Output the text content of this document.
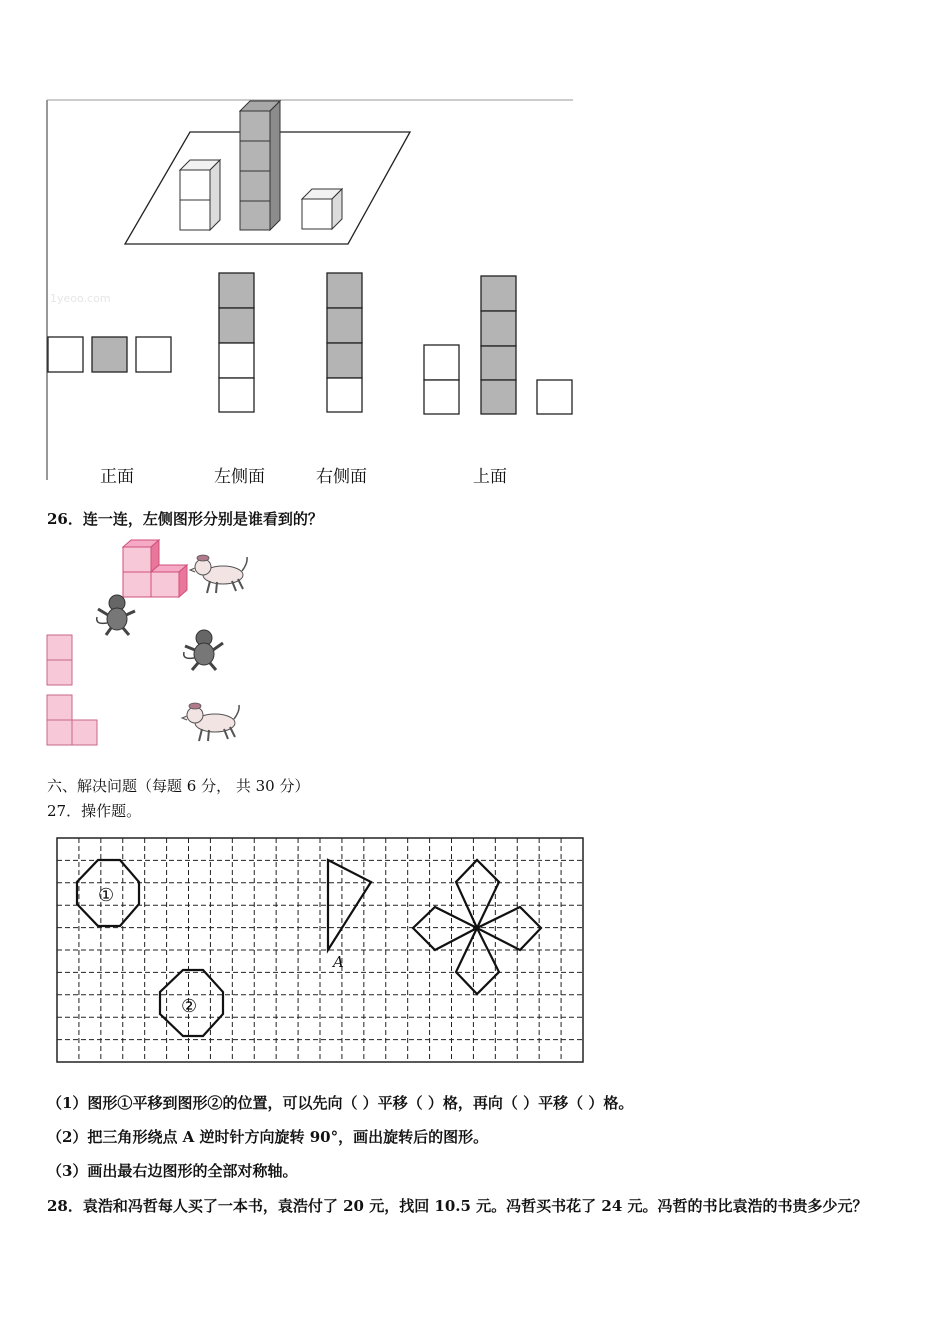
1yeoo.com
正面	左侧面	右侧面	上面
26．连一连，左侧图形分别是谁看到的？
六、解决问题（每题 6 分， 共 30 分）
27．操作题。
①
②
A
（1）图形①平移到图形②的位置，可以先向（ ）平移（ ）格，再向（ ）平移（ ）格。
（2）把三角形绕点 A 逆时针方向旋转 90°，画出旋转后的图形。
（3）画出最右边图形的全部对称轴。
28．袁浩和冯哲每人买了一本书，袁浩付了 20 元，找回 10.5 元。冯哲买书花了 24 元。冯哲的书比袁浩的书贵多少元？
